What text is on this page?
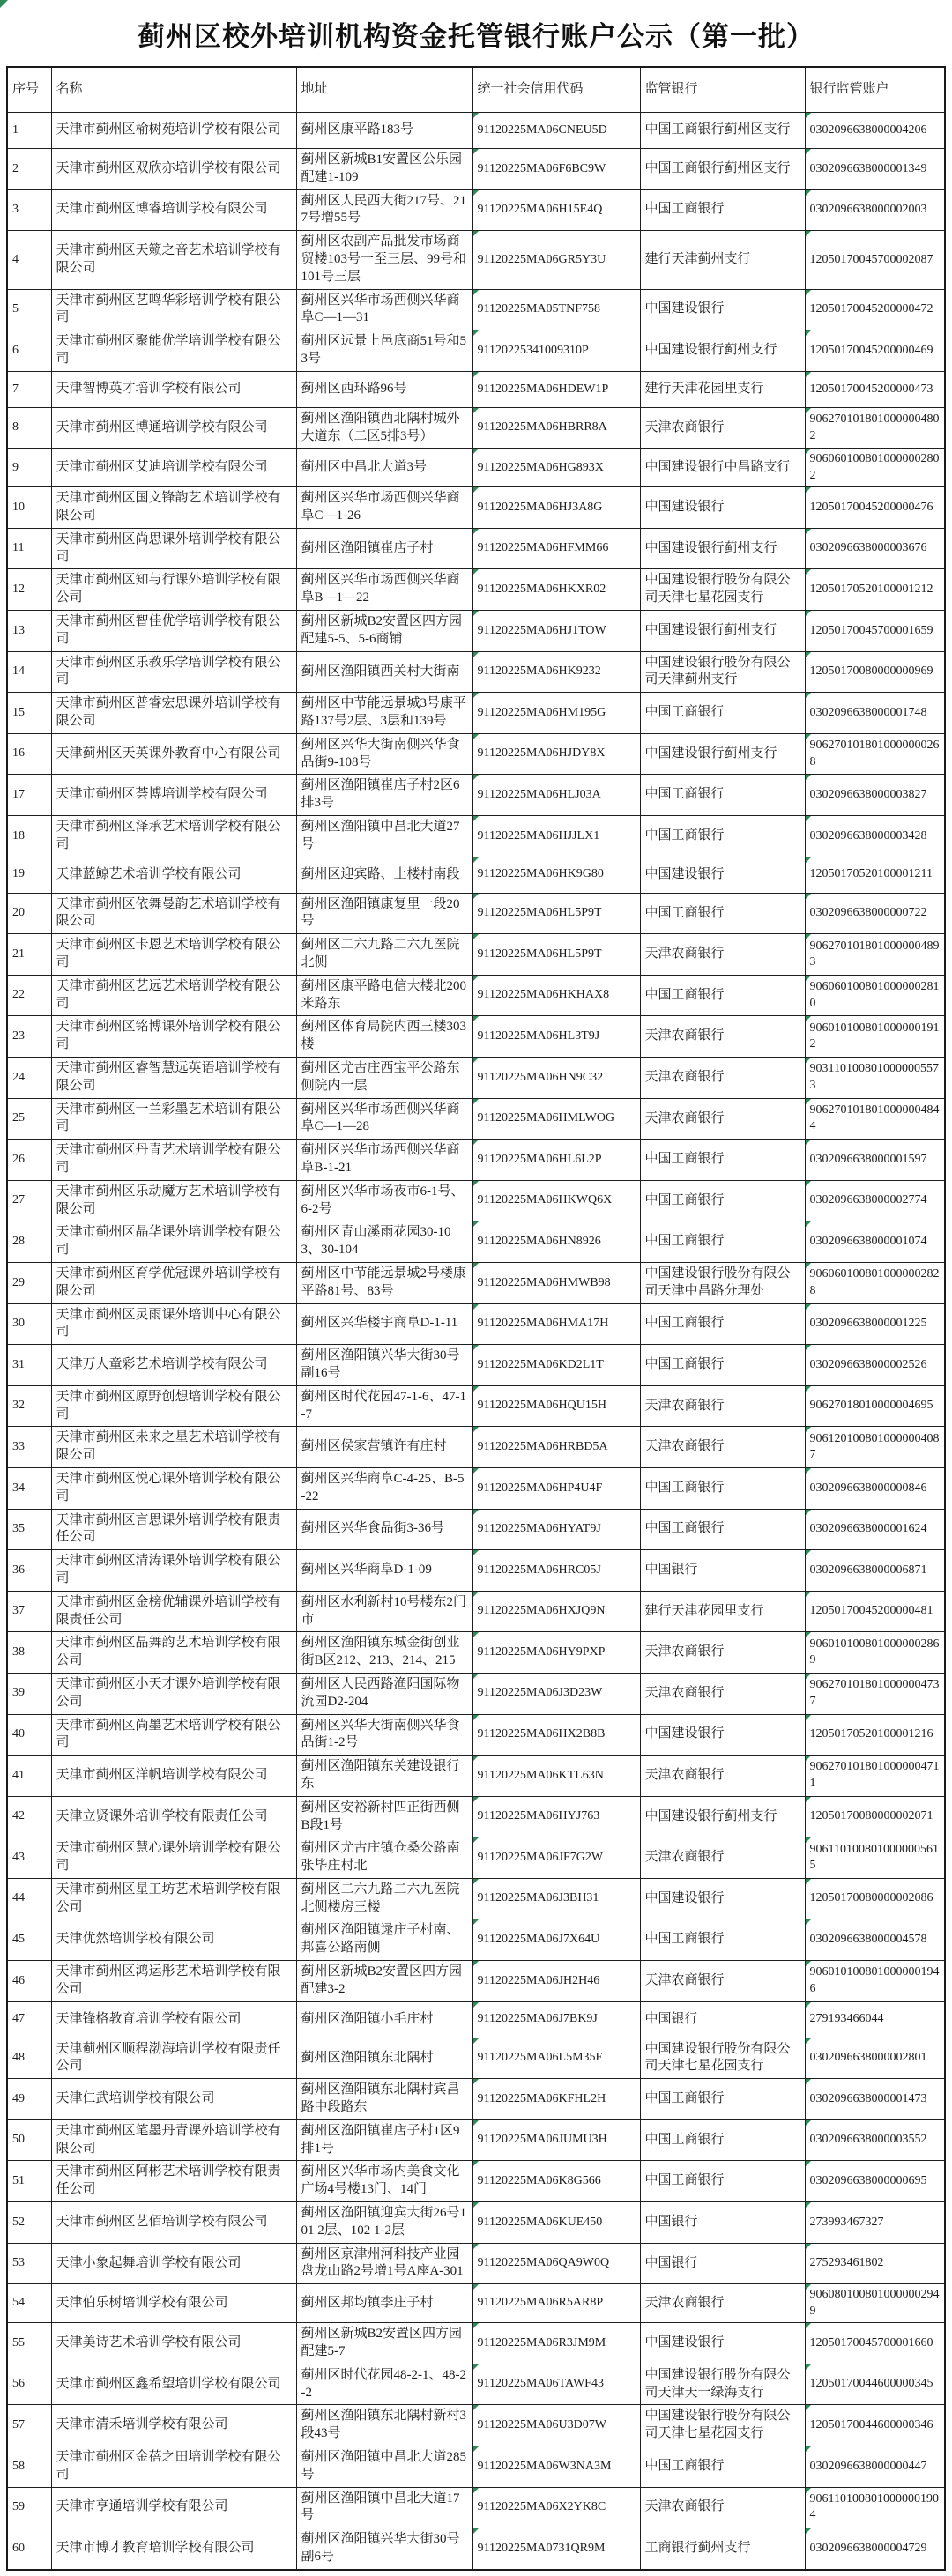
蓟州区校外培训机构资金托管银行账户公示（第一批）
序号	名称	地址	统一社会信用代码	监管银行	银行监管账户
1	天津市蓟州区榆树苑培训学校有限公司	蓟州区康平路183号	91120225MA06CNEU5D	中国工商银行蓟州区支行	0302096638000004206
2	天津市蓟州区双欣亦培训学校有限公司	蓟州区新城B1安置区公乐园配建1-109	91120225MA06F6BC9W	中国工商银行蓟州区支行	0302096638000001349
3	天津市蓟州区博睿培训学校有限公司	蓟州区人民西大街217号、217号增55号	91120225MA06H15E4Q	中国工商银行	0302096638000002003
4	天津市蓟州区天籁之音艺术培训学校有限公司	蓟州区农副产品批发市场商贸楼103号一至三层、99号和101号三层	91120225MA06GR5Y3U	建行天津蓟州支行	12050170045700002087
5	天津市蓟州区艺鸣华彩培训学校有限公司	蓟州区兴华市场西侧兴华商阜C—1—31	91120225MA05TNF758	中国建设银行	12050170045200000472
6	天津市蓟州区聚能优学培训学校有限公司	蓟州区远景上邑底商51号和53号	91120225341009310P	中国建设银行蓟州支行	12050170045200000469
7	天津智博英才培训学校有限公司	蓟州区西环路96号	91120225MA06HDEW1P	建行天津花园里支行	12050170045200000473
8	天津市蓟州区博通培训学校有限公司	蓟州区渔阳镇西北隅村城外大道东（二区5排3号）	91120225MA06HBRR8A	天津农商银行	9062701018010000004802
9	天津市蓟州区艾迪培训学校有限公司	蓟州区中昌北大道3号	91120225MA06HG893X	中国建设银行中昌路支行	9060601008010000002802
10	天津市蓟州区国文锋韵艺术培训学校有限公司	蓟州区兴华市场西侧兴华商阜C—1-26	91120225MA06HJ3A8G	中国建设银行	12050170045200000476
11	天津市蓟州区尚思课外培训学校有限公司	蓟州区渔阳镇崔店子村	91120225MA06HFMM66	中国建设银行蓟州支行	0302096638000003676
12	天津市蓟州区知与行课外培训学校有限公司	蓟州区兴华市场西侧兴华商阜B—1—22	91120225MA06HKXR02	中国建设银行股份有限公司天津七星花园支行	12050170520100001212
13	天津市蓟州区智佳优学培训学校有限公司	蓟州区新城B2安置区四方园配建5-5、5-6商铺	91120225MA06HJ1TOW	中国建设银行蓟州支行	12050170045700001659
14	天津市蓟州区乐教乐学培训学校有限公司	蓟州区渔阳镇西关村大街南	91120225MA06HK9232	中国建设银行股份有限公司天津蓟州支行	12050170080000000969
15	天津市蓟州区普睿宏思课外培训学校有限公司	蓟州区中节能远景城3号康平路137号2层、3层和139号	91120225MA06HM195G	中国工商银行	0302096638000001748
16	天津蓟州区天英课外教育中心有限公司	蓟州区兴华大街南侧兴华食品街9-108号	91120225MA06HJDY8X	中国建设银行蓟州支行	9062701018010000000268
17	天津市蓟州区荟博培训学校有限公司	蓟州区渔阳镇崔店子村2区6排3号	91120225MA06HLJ03A	中国工商银行	0302096638000003827
18	天津市蓟州区泽承艺术培训学校有限公司	蓟州区渔阳镇中昌北大道27号	91120225MA06HJJLX1	中国工商银行	0302096638000003428
19	天津蓝鲸艺术培训学校有限公司	蓟州区迎宾路、土楼村南段	91120225MA06HK9G80	中国建设银行	12050170520100001211
20	天津市蓟州区依舞曼韵艺术培训学校有限公司	蓟州区渔阳镇康复里一段20号	91120225MA06HL5P9T	中国工商银行	0302096638000000722
21	天津市蓟州区卡恩艺术培训学校有限公司	蓟州区二六九路二六九医院北侧	91120225MA06HL5P9T	天津农商银行	9062701018010000004893
22	天津市蓟州区艺远艺术培训学校有限公司	蓟州区康平路电信大楼北200米路东	91120225MA06HKHAX8	中国工商银行	9060601008010000002810
23	天津市蓟州区铭博课外培训学校有限公司	蓟州区体育局院内西三楼303楼	91120225MA06HL3T9J	天津农商银行	9060101008010000001912
24	天津市蓟州区睿智慧远英语培训学校有限公司	蓟州区尤古庄西宝平公路东侧院内一层	91120225MA06HN9C32	天津农商银行	9031101008010000005573
25	天津市蓟州区一兰彩墨艺术培训有限公司	蓟州区兴华市场西侧兴华商阜C—1—28	91120225MA06HMLWOG	天津农商银行	9062701018010000004844
26	天津市蓟州区丹青艺术培训学校有限公司	蓟州区兴华市场西侧兴华商阜B-1-21	91120225MA06HL6L2P	中国工商银行	0302096638000001597
27	天津市蓟州区乐动魔方艺术培训学校有限公司	蓟州区兴华市场夜市6-1号、6-2号	91120225MA06HKWQ6X	中国工商银行	0302096638000002774
28	天津市蓟州区晶华课外培训学校有限公司	蓟州区青山溪雨花园30-103、30-104	91120225MA06HN8926	中国工商银行	0302096638000001074
29	天津市蓟州区育学优冠课外培训学校有限公司	蓟州区中节能远景城2号楼康平路81号、83号	91120225MA06HMWB98	中国建设银行股份有限公司天津中昌路分理处	9060601008010000002828
30	天津市蓟州区灵雨课外培训中心有限公司	蓟州区兴华楼宇商阜D-1-11	91120225MA06HMA17H	中国工商银行	0302096638000001225
31	天津万人童彩艺术培训学校有限公司	蓟州区渔阳镇兴华大街30号副16号	91120225MA06KD2L1T	中国工商银行	0302096638000002526
32	天津市蓟州区原野创想培训学校有限公司	蓟州区时代花园47-1-6、47-1-7	91120225MA06HQU15H	天津农商银行	90627018010000004695
33	天津市蓟州区未来之星艺术培训学校有限公司	蓟州区侯家营镇许有庄村	91120225MA06HRBD5A	天津农商银行	9061201008010000004087
34	天津市蓟州区悦心课外培训学校有限公司	蓟州区兴华商阜C-4-25、B-5-22	91120225MA06HP4U4F	中国工商银行	0302096638000000846
35	天津市蓟州区言思课外培训学校有限责任公司	蓟州区兴华食品街3-36号	91120225MA06HYAT9J	中国工商银行	0302096638000001624
36	天津市蓟州区清涛课外培训学校有限公司	蓟州区兴华商阜D-1-09	91120225MA06HRC05J	中国银行	0302096638000006871
37	天津市蓟州区金榜优辅课外培训学校有限责任公司	蓟州区水利新村10号楼东2门市	91120225MA06HXJQ9N	建行天津花园里支行	12050170045200000481
38	天津市蓟州区晶舞韵艺术培训学校有限公司	蓟州区渔阳镇东城金街创业街B区212、213、214、215	91120225MA06HY9PXP	天津农商银行	9060101008010000002869
39	天津市蓟州区小天才课外培训学校有限公司	蓟州区人民西路渔阳国际物流园D2-204	91120225MA06J3D23W	天津农商银行	9062701018010000004737
40	天津市蓟州区尚墨艺术培训学校有限公司	蓟州区兴华大街南侧兴华食品街1-2号	91120225MA06HX2B8B	中国建设银行	12050170520100001216
41	天津市蓟州区洋帆培训学校有限公司	蓟州区渔阳镇东关建设银行东	91120225MA06KTL63N	天津农商银行	9062701018010000004711
42	天津立贤课外培训学校有限责任公司	蓟州区安裕新村四正街西侧B段1号	91120225MA06HYJ763	中国建设银行蓟州支行	12050170080000002071
43	天津市蓟州区慧心课外培训学校有限公司	蓟州区尤古庄镇仓桑公路南张毕庄村北	91120225MA06JF7G2W	天津农商银行	9061101008010000005615
44	天津市蓟州区星工坊艺术培训学校有限公司	蓟州区二六九路二六九医院北侧楼房三楼	91120225MA06J3BH31	中国建设银行	12050170080000002086
45	天津优然培训学校有限公司	蓟州区渔阳镇逯庄子村南、邦喜公路南侧	91120225MA06J7X64U	中国工商银行	0302096638000004578
46	天津市蓟州区鸿运彤艺术培训学校有限公司	蓟州区新城B2安置区四方园配建3-2	91120225MA06JH2H46	天津农商银行	9060101008010000001946
47	天津锋格教育培训学校有限公司	蓟州区渔阳镇小毛庄村	91120225MA06J7BK9J	中国银行	279193466044
48	天津蓟州区顺程渤海培训学校有限责任公司	蓟州区渔阳镇东北隅村	91120225MA06L5M35F	中国建设银行股份有限公司天津七星花园支行	0302096638000002801
49	天津仁武培训学校有限公司	蓟州区渔阳镇东北隅村宾昌路中段路东	91120225MA06KFHL2H	中国工商银行	0302096638000001473
50	天津市蓟州区笔墨丹青课外培训学校有限公司	蓟州区渔阳镇崔店子村1区9排1号	91120225MA06JUMU3H	中国工商银行	0302096638000003552
51	天津市蓟州区阿彬艺术培训学校有限责任公司	蓟州区兴华市场内美食文化广场4号楼13门、14门	91120225MA06K8G566	中国工商银行	0302096638000000695
52	天津市蓟州区艺佰培训学校有限公司	蓟州区渔阳镇迎宾大街26号101 2层、102 1-2层	91120225MA06KUE450	中国银行	273993467327
53	天津小象起舞培训学校有限公司	蓟州区京津州河科技产业园盘龙山路2号增1号A座A-301	91120225MA06QA9W0Q	中国银行	275293461802
54	天津伯乐树培训学校有限公司	蓟州区邦均镇李庄子村	91120225MA06R5AR8P	天津农商银行	9060801008010000002949
55	天津美诗艺术培训学校有限公司	蓟州区新城B2安置区四方园配建5-7	91120225MA06R3JM9M	中国建设银行	12050170045700001660
56	天津市蓟州区鑫希望培训学校有限公司	蓟州区时代花园48-2-1、48-2-2	91120225MA06TAWF43	中国建设银行股份有限公司天津天一绿海支行	12050170044600000345
57	天津市清禾培训学校有限公司	蓟州区渔阳镇东北隅村新村3段43号	91120225MA06U3D07W	中国建设银行股份有限公司天津七星花园支行	12050170044600000346
58	天津市蓟州区金蓓之田培训学校有限公司	蓟州区渔阳镇中昌北大道285号	91120225MA06W3NA3M	中国工商银行	0302096638000000447
59	天津市亨通培训学校有限公司	蓟州区渔阳镇中昌北大道17号	91120225MA06X2YK8C	天津农商银行	9061101008010000001904
60	天津市博才教育培训学校有限公司	蓟州区渔阳镇兴华大街30号副6号	91120225MA0731QR9M	工商银行蓟州支行	0302096638000004729
